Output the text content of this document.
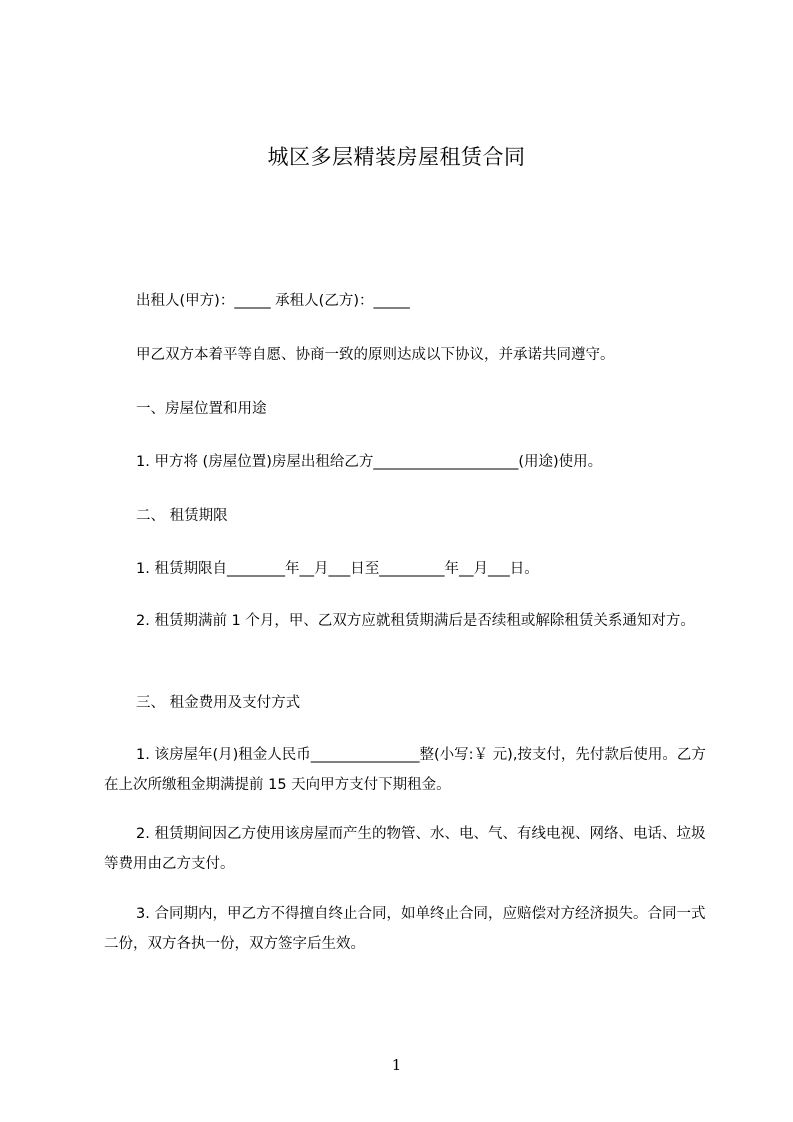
城区多层精装房屋租赁合同
出租人(甲方)：_____ 承租人(乙方)：_____
甲乙双方本着平等自愿、协商一致的原则达成以下协议，并承诺共同遵守。
一、房屋位置和用途
1. 甲方将 (房屋位置)房屋出租给乙方____________________(用途)使用。
二、 租赁期限
1. 租赁期限自________年__月___日至_________年__月___日。
2. 租赁期满前 1 个月，甲、乙双方应就租赁期满后是否续租或解除租赁关系通知对方。
三、 租金费用及支付方式
1. 该房屋年(月)租金人民币_______________整(小写:￥ 元),按支付，先付款后使用。乙方在上次所缴租金期满提前 15 天向甲方支付下期租金。
2. 租赁期间因乙方使用该房屋而产生的物管、水、电、气、有线电视、网络、电话、垃圾等费用由乙方支付。
3. 合同期内，甲乙方不得擅自终止合同，如单终止合同，应赔偿对方经济损失。合同一式二份，双方各执一份，双方签字后生效。
1
